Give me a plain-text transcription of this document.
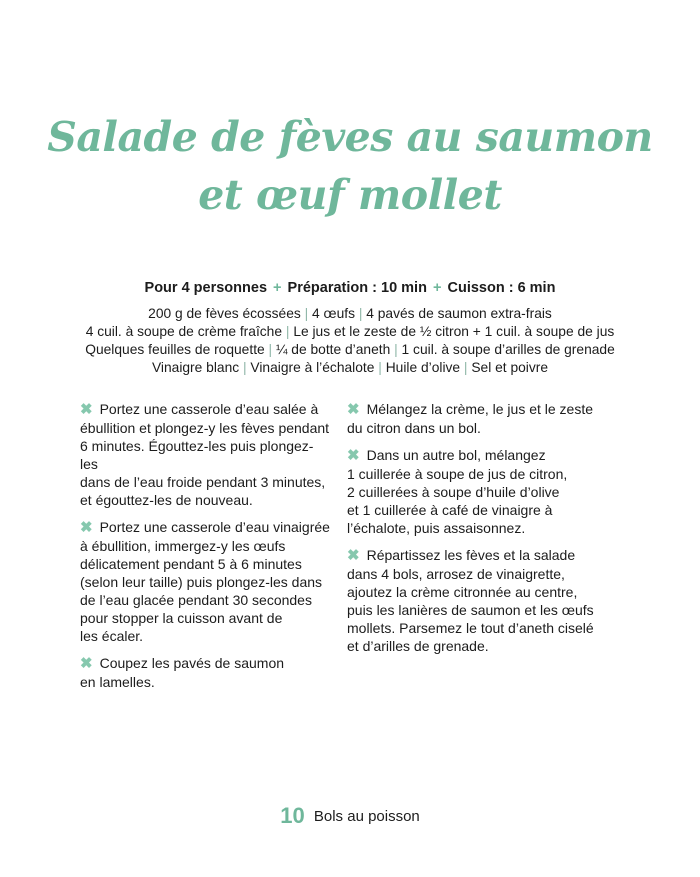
Salade de fèves au saumon
et œuf mollet
Pour 4 personnes + Préparation : 10 min + Cuisson : 6 min
200 g de fèves écossées | 4 œufs | 4 pavés de saumon extra-frais
4 cuil. à soupe de crème fraîche | Le jus et le zeste de ½ citron + 1 cuil. à soupe de jus
Quelques feuilles de roquette | ¼ de botte d’aneth | 1 cuil. à soupe d’arilles de grenade
Vinaigre blanc | Vinaigre à l’échalote | Huile d’olive | Sel et poivre
✖ Portez une casserole d’eau salée à
ébullition et plongez-y les fèves pendant
6 minutes. Égouttez-les puis plongez-les
dans de l’eau froide pendant 3 minutes,
et égouttez-les de nouveau.
✖ Portez une casserole d’eau vinaigrée
à ébullition, immergez-y les œufs
délicatement pendant 5 à 6 minutes
(selon leur taille) puis plongez-les dans
de l’eau glacée pendant 30 secondes
pour stopper la cuisson avant de
les écaler.
✖ Coupez les pavés de saumon
en lamelles.
✖ Mélangez la crème, le jus et le zeste
du citron dans un bol.
✖ Dans un autre bol, mélangez
1 cuillerée à soupe de jus de citron,
2 cuillerées à soupe d’huile d’olive
et 1 cuillerée à café de vinaigre à
l’échalote, puis assaisonnez.
✖ Répartissez les fèves et la salade
dans 4 bols, arrosez de vinaigrette,
ajoutez la crème citronnée au centre,
puis les lanières de saumon et les œufs
mollets. Parsemez le tout d’aneth ciselé
et d’arilles de grenade.
10 Bols au poisson
